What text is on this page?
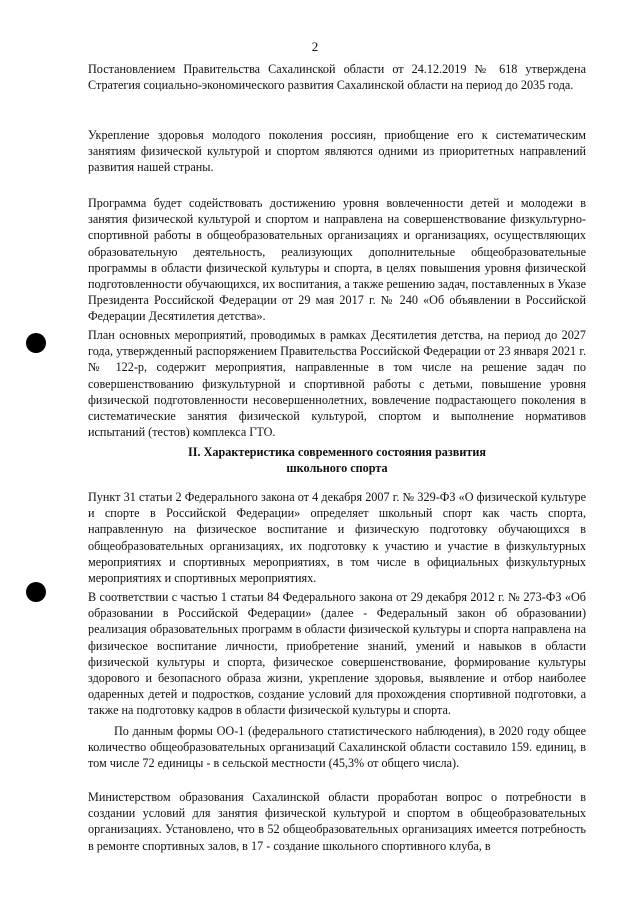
2

Постановлением Правительства Сахалинской области от 24.12.2019 № 618 утверждена Стратегия социально-экономического развития Сахалинской области на период до 2035 года.

Укрепление здоровья молодого поколения россиян, приобщение его к систематическим занятиям физической культурой и спортом являются одними из приоритетных направлений развития нашей страны.

Программа будет содействовать достижению уровня вовлеченности детей и молодежи в занятия физической культурой и спортом и направлена на совершенствование физкультурно-спортивной работы в общеобразовательных организациях и организациях, осуществляющих образовательную деятельность, реализующих дополнительные общеобразовательные программы в области физической культуры и спорта, в целях повышения уровня физической подготовленности обучающихся, их воспитания, а также решению задач, поставленных в Указе Президента Российской Федерации от 29 мая 2017 г. № 240 «Об объявлении в Российской Федерации Десятилетия детства».

План основных мероприятий, проводимых в рамках Десятилетия детства, на период до 2027 года, утвержденный распоряжением Правительства Российской Федерации от 23 января 2021 г. № 122-р, содержит мероприятия, направленные в том числе на решение задач по совершенствованию физкультурной и спортивной работы с детьми, повышение уровня физической подготовленности несовершеннолетних, вовлечение подрастающего поколения в систематические занятия физической культурой, спортом и выполнение нормативов испытаний (тестов) комплекса ГТО.

II. Характеристика современного состояния развития
школьного спорта

Пункт 31 статьи 2 Федерального закона от 4 декабря 2007 г. № 329-ФЗ «О физической культуре и спорте в Российской Федерации» определяет школьный спорт как часть спорта, направленную на физическое воспитание и физическую подготовку обучающихся в общеобразовательных организациях, их подготовку к участию и участие в физкультурных мероприятиях и спортивных мероприятиях, в том числе в официальных физкультурных мероприятиях и спортивных мероприятиях.

В соответствии с частью 1 статьи 84 Федерального закона от 29 декабря 2012 г. № 273-ФЗ «Об образовании в Российской Федерации» (далее - Федеральный закон об образовании) реализация образовательных программ в области физической культуры и спорта направлена на физическое воспитание личности, приобретение знаний, умений и навыков в области физической культуры и спорта, физическое совершенствование, формирование культуры здорового и безопасного образа жизни, укрепление здоровья, выявление и отбор наиболее одаренных детей и подростков, создание условий для прохождения спортивной подготовки, а также на подготовку кадров в области физической культуры и спорта.

По данным формы ОО-1 (федерального статистического наблюдения), в 2020 году общее количество общеобразовательных организаций Сахалинской области составило 159. единиц, в том числе 72 единицы - в сельской местности (45,3% от общего числа).

Министерством образования Сахалинской области проработан вопрос о потребности в создании условий для занятия физической культурой и спортом в общеобразовательных организациях. Установлено, что в 52 общеобразовательных организациях имеется потребность в ремонте спортивных залов, в 17 - создание школьного спортивного клуба, в
